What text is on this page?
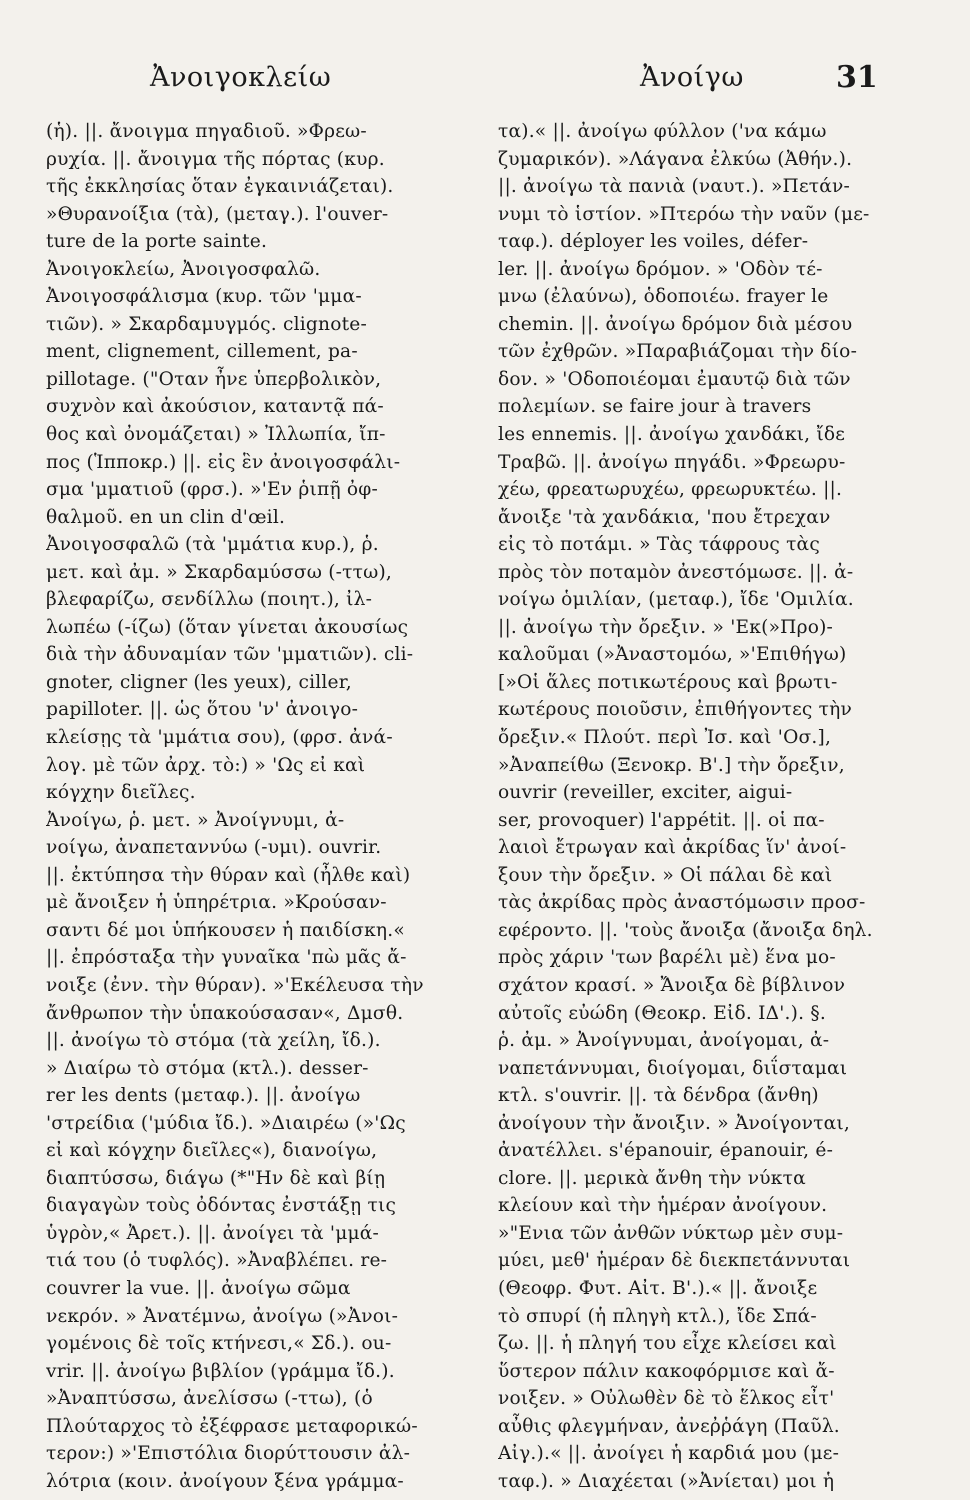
Ἀνοιγοκλείω	Ἀνοίγω	31
(ἡ). ||. ἄνοιγμα πηγαδιοῦ. »Φρεω-
ρυχία. ||. ἄνοιγμα τῆς πόρτας (κυρ.
τῆς ἐκκλησίας ὅταν ἐγκαινιάζεται).
»Θυρανοίξια (τὰ), (μεταγ.). l'ouver-
ture de la porte sainte.
Ἀνοιγοκλείω, Ἀνοιγοσφαλῶ.
Ἀνοιγοσφάλισμα (κυρ. τῶν 'μμα-
τιῶν). » Σκαρδαμυγμός. clignote-
ment, clignement, cillement, pa-
pillotage. ("Οταν ἦνε ὑπερβολικὸν,
συχνὸν καὶ ἀκούσιον, καταντᾷ πά-
θος καὶ ὀνομάζεται) » Ἰλλωπία, ἴπ-
πος (Ἱπποκρ.) ||. εἰς ἓν ἀνοιγοσφάλι-
σμα 'μματιοῦ (φρσ.). »'Εν ῥιπῇ ὀφ-
θαλμοῦ. en un clin d'œil.
Ἀνοιγοσφαλῶ (τὰ 'μμάτια κυρ.), ῥ.
μετ. καὶ ἀμ. » Σκαρδαμύσσω (-ττω),
βλεφαρίζω, σενδίλλω (ποιητ.), ἰλ-
λωπέω (-ίζω) (ὅταν γίνεται ἀκουσίως
διὰ τὴν ἀδυναμίαν τῶν 'μματιῶν). cli-
gnoter, cligner (les yeux), ciller,
papilloter. ||. ὡς ὅτου 'ν' ἀνοιγο-
κλείσῃς τὰ 'μμάτια σου), (φρσ. ἀνά-
λογ. μὲ τῶν ἀρχ. τὸ:) » 'Ως εἰ καὶ
κόγχην διεῖλες.
Ἀνοίγω, ῥ. μετ. » Ἀνοίγνυμι, ἀ-
νοίγω, ἀναπεταννύω (-υμι). ouvrir.
||. ἐκτύπησα τὴν θύραν καὶ (ἦλθε καὶ)
μὲ ἄνοιξεν ἡ ὑπηρέτρια. »Κρούσαν-
σαντι δέ μοι ὑπήκουσεν ἡ παιδίσκη.«
||. ἐπρόσταξα τὴν γυναῖκα 'πὼ μᾶς ἄ-
νοιξε (ἐνν. τὴν θύραν). »'Εκέλευσα τὴν
ἄνθρωπον τὴν ὑπακούσασαν«, Δμσθ.
||. ἀνοίγω τὸ στόμα (τὰ χείλη, ἴδ.).
» Διαίρω τὸ στόμα (κτλ.). desser-
rer les dents (μεταφ.). ||. ἀνοίγω
'στρείδια ('μύδια ἴδ.). »Διαιρέω (»'Ως
εἰ καὶ κόγχην διεῖλες«), διανοίγω,
διαπτύσσω, διάγω (*"Ην δὲ καὶ βίῃ
διαγαγὼν τοὺς ὀδόντας ἐνστάξῃ τις
ὑγρὸν,« Ἀρετ.). ||. ἀνοίγει τὰ 'μμά-
τιά του (ὁ τυφλός). »Ἀναβλέπει. re-
couvrer la vue. ||. ἀνοίγω σῶμα
νεκρόν. » Ἀνατέμνω, ἀνοίγω (»Ἀνοι-
γομένοις δὲ τοῖς κτήνεσι,« Σδ.). ou-
vrir. ||. ἀνοίγω βιβλίον (γράμμα ἴδ.).
»Ἀναπτύσσω, ἀνελίσσω (-ττω), (ὁ
Πλούταρχος τὸ ἐξέφρασε μεταφορικώ-
τερον:) »'Επιστόλια διορύττουσιν ἀλ-
λότρια (κοιν. ἀνοίγουν ξένα γράμμα-
τα).« ||. ἀνοίγω φύλλον ('να κάμω
ζυμαρικόν). »Λάγανα ἐλκύω (Ἀθήν.).
||. ἀνοίγω τὰ πανιὰ (ναυτ.). »Πετάν-
νυμι τὸ ἱστίον. »Πτερόω τὴν ναῦν (με-
ταφ.). déployer les voiles, défer-
ler. ||. ἀνοίγω δρόμον. » 'Οδὸν τέ-
μνω (ἐλαύνω), ὁδοποιέω. frayer le
chemin. ||. ἀνοίγω δρόμον διὰ μέσου
τῶν ἐχθρῶν. »Παραβιάζομαι τὴν δίο-
δον. » 'Οδοποιέομαι ἐμαυτῷ διὰ τῶν
πολεμίων. se faire jour à travers
les ennemis. ||. ἀνοίγω χανδάκι, ἴδε
Τραβῶ. ||. ἀνοίγω πηγάδι. »Φρεωρυ-
χέω, φρεατωρυχέω, φρεωρυκτέω. ||.
ἄνοιξε 'τὰ χανδάκια, 'που ἔτρεχαν
εἰς τὸ ποτάμι. » Τὰς τάφρους τὰς
πρὸς τὸν ποταμὸν ἀνεστόμωσε. ||. ἀ-
νοίγω ὁμιλίαν, (μεταφ.), ἴδε 'Ομιλία.
||. ἀνοίγω τὴν ὄρεξιν. » 'Εκ(»Προ)-
καλοῦμαι (»Ἀναστομόω, »'Επιθήγω)
[»Οἱ ἅλες ποτικωτέρους καὶ βρωτι-
κωτέρους ποιοῦσιν, ἐπιθήγοντες τὴν
ὄρεξιν.« Πλούτ. περὶ Ἰσ. καὶ 'Οσ.],
»Ἀναπείθω (Ξενοκρ. Β'.] τὴν ὄρεξιν,
ouvrir (reveiller, exciter, aigui-
ser, provoquer) l'appétit. ||. οἱ πα-
λαιοὶ ἔτρωγαν καὶ ἀκρίδας ἵν' ἀνοί-
ξουν τὴν ὄρεξιν. » Οἱ πάλαι δὲ καὶ
τὰς ἀκρίδας πρὸς ἀναστόμωσιν προσ-
εφέροντο. ||. 'τοὺς ἄνοιξα (ἄνοιξα δηλ.
πρὸς χάριν 'των βαρέλι μὲ) ἕνα μο-
σχάτον κρασί. » Ἄνοιξα δὲ βίβλινον
αὐτοῖς εὐώδη (Θεοκρ. Εἰδ. ΙΔ'.). §.
ῥ. ἀμ. » Ἀνοίγνυμαι, ἀνοίγομαι, ἀ-
ναπετάννυμαι, διοίγομαι, διΐσταμαι
κτλ. s'ouvrir. ||. τὰ δένδρα (ἄνθη)
ἀνοίγουν τὴν ἄνοιξιν. » Ἀνοίγονται,
ἀνατέλλει. s'épanouir, épanouir, é-
clore. ||. μερικὰ ἄνθη τὴν νύκτα
κλείουν καὶ τὴν ἡμέραν ἀνοίγουν.
»"Ενια τῶν ἀνθῶν νύκτωρ μὲν συμ-
μύει, μεθ' ἡμέραν δὲ διεκπετάννυται
(Θεοφρ. Φυτ. Αἰτ. Β'.).« ||. ἄνοιξε
τὸ σπυρί (ἡ πληγὴ κτλ.), ἴδε Σπά-
ζω. ||. ἡ πληγή του εἶχε κλείσει καὶ
ὕστερον πάλιν κακοφόρμισε καὶ ἄ-
νοιξεν. » Οὐλωθὲν δὲ τὸ ἕλκος εἶτ'
αὖθις φλεγμήναν, ἀνεῤῥάγη (Παῦλ.
Αἰγ.).« ||. ἀνοίγει ἡ καρδιά μου (με-
ταφ.). » Διαχέεται (»Ἀνίεται) μοι ἡ
